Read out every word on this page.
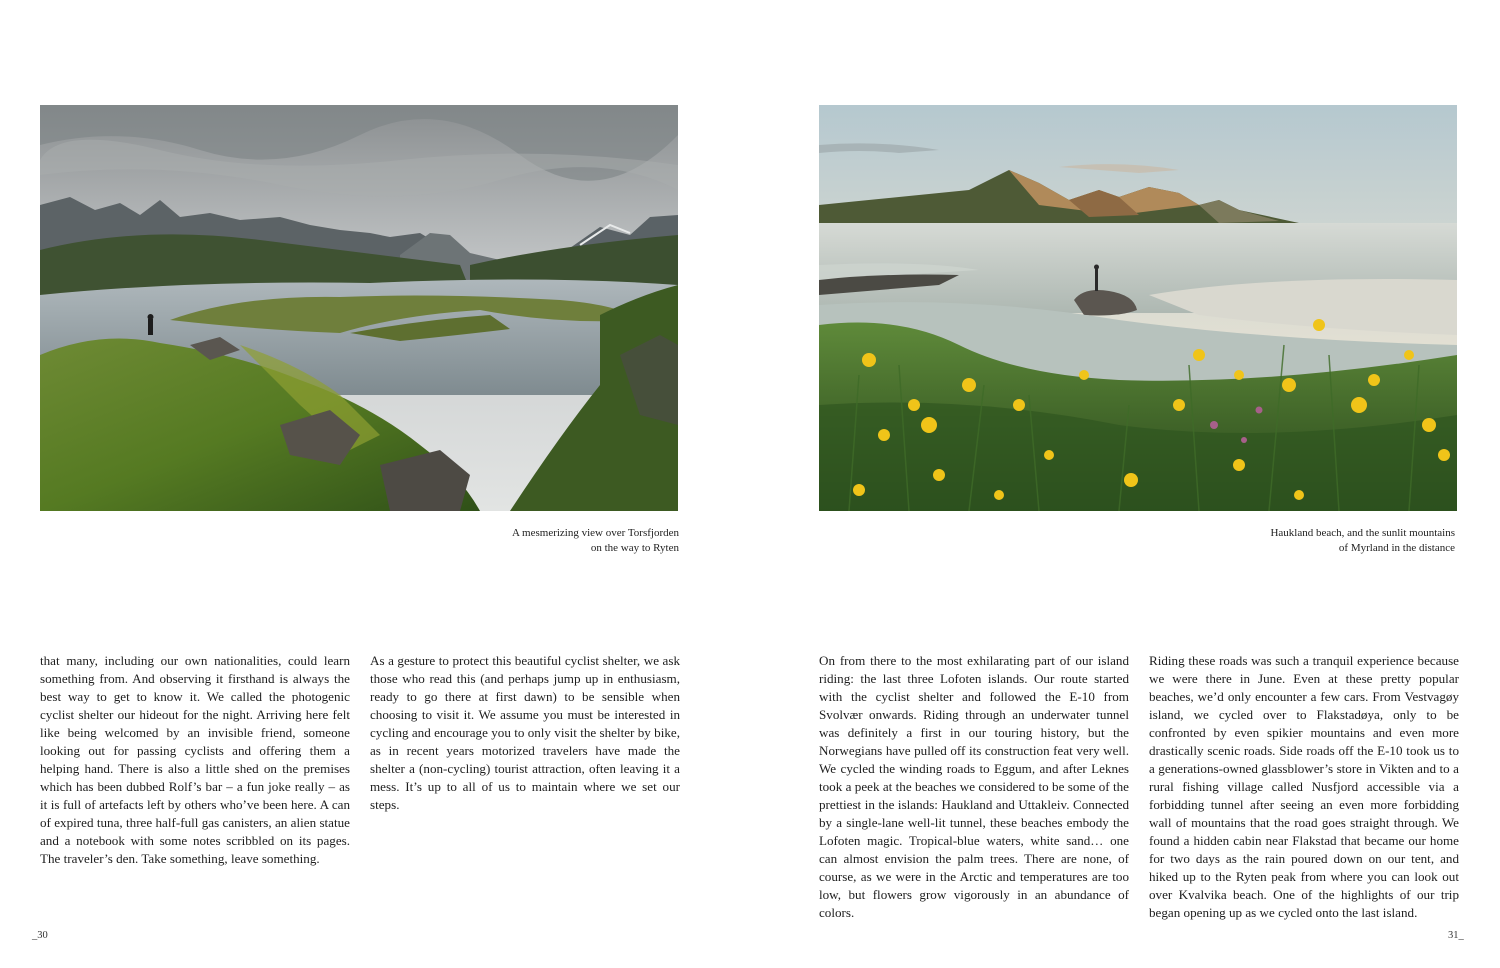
A mesmerizing view over Torsfjorden
on the way to Ryten
Haukland beach, and the sunlit mountains
of Myrland in the distance

that many, including our own nationalities, could learn something from. And observing it firsthand is always the best way to get to know it. We called the photogenic cyclist shelter our hideout for the night. Arriving here felt like being welcomed by an invisible friend, someone looking out for passing cyclists and offering them a helping hand. There is also a little shed on the premises which has been dubbed Rolf’s bar – a fun joke really – as it is full of artefacts left by others who’ve been here. A can of expired tuna, three half-full gas canisters, an alien statue and a notebook with some notes scribbled on its pages. The traveler’s den. Take something, leave something.

As a gesture to protect this beautiful cyclist shelter, we ask those who read this (and perhaps jump up in enthusiasm, ready to go there at first dawn) to be sensible when choosing to visit it. We assume you must be interested in cycling and encourage you to only visit the shelter by bike, as in recent years motorized travelers have made the shelter a (non-cycling) tourist attraction, often leaving it a mess. It’s up to all of us to maintain where we set our steps.

On from there to the most exhilarating part of our island riding: the last three Lofoten islands. Our route started with the cyclist shelter and followed the E-10 from Svolvær onwards. Riding through an underwater tunnel was definitely a first in our touring history, but the Norwegians have pulled off its construction feat very well. We cycled the winding roads to Eggum, and after Leknes took a peek at the beaches we considered to be some of the prettiest in the islands: Haukland and Uttakleiv. Connected by a single-lane well-lit tunnel, these beaches embody the Lofoten magic. Tropical-blue waters, white sand… one can almost envision the palm trees. There are none, of course, as we were in the Arctic and temperatures are too low, but flowers grow vigorously in an abundance of colors.

Riding these roads was such a tranquil experience because we were there in June. Even at these pretty popular beaches, we’d only encounter a few cars. From Vestvagøy island, we cycled over to Flakstadøya, only to be confronted by even spikier mountains and even more drastically scenic roads. Side roads off the E-10 took us to a generations-owned glassblower’s store in Vikten and to a rural fishing village called Nusfjord accessible via a forbidding tunnel after seeing an even more forbidding wall of mountains that the road goes straight through. We found a hidden cabin near Flakstad that became our home for two days as the rain poured down on our tent, and hiked up to the Ryten peak from where you can look out over Kvalvika beach. One of the highlights of our trip began opening up as we cycled onto the last island.

_30	31_
